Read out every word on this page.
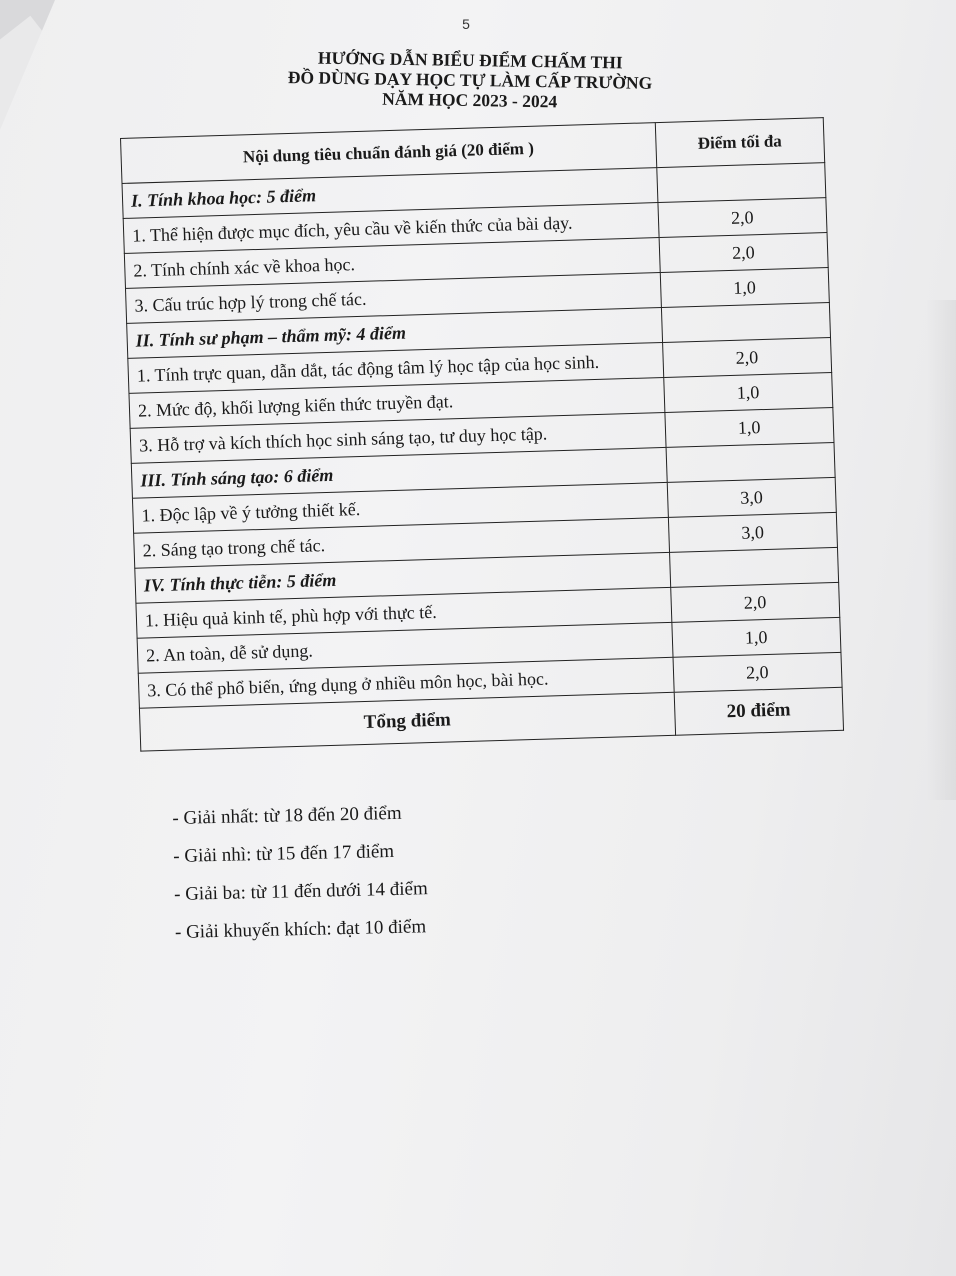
5
HƯỚNG DẪN BIỂU ĐIỂM CHẤM THI
ĐỒ DÙNG DẠY HỌC TỰ LÀM CẤP TRƯỜNG
NĂM HỌC 2023 - 2024
Nội dung tiêu chuẩn đánh giá (20 điểm )	Điểm tối đa
I. Tính khoa học: 5 điểm	
1. Thể hiện được mục đích, yêu cầu về kiến thức của bài dạy.	2,0
2. Tính chính xác về khoa học.	2,0
3. Cấu trúc hợp lý trong chế tác.	1,0
II. Tính sư phạm – thẩm mỹ: 4 điểm	
1. Tính trực quan, dẫn dắt, tác động tâm lý học tập của học sinh.	2,0
2. Mức độ, khối lượng kiến thức truyền đạt.	1,0
3. Hỗ trợ và kích thích học sinh sáng tạo, tư duy học tập.	1,0
III. Tính sáng tạo: 6 điểm	
1. Độc lập về ý tưởng thiết kế.	3,0
2. Sáng tạo trong chế tác.	3,0
IV. Tính thực tiễn: 5 điểm	
1. Hiệu quả kinh tế, phù hợp với thực tế.	2,0
2. An toàn, dễ sử dụng.	1,0
3. Có thể phổ biến, ứng dụng ở nhiều môn học, bài học.	2,0
Tổng điểm	20 điểm
- Giải nhất: từ 18 đến 20 điểm
- Giải nhì: từ 15 đến 17 điểm
- Giải ba: từ 11 đến dưới 14 điểm
- Giải khuyến khích: đạt 10 điểm
